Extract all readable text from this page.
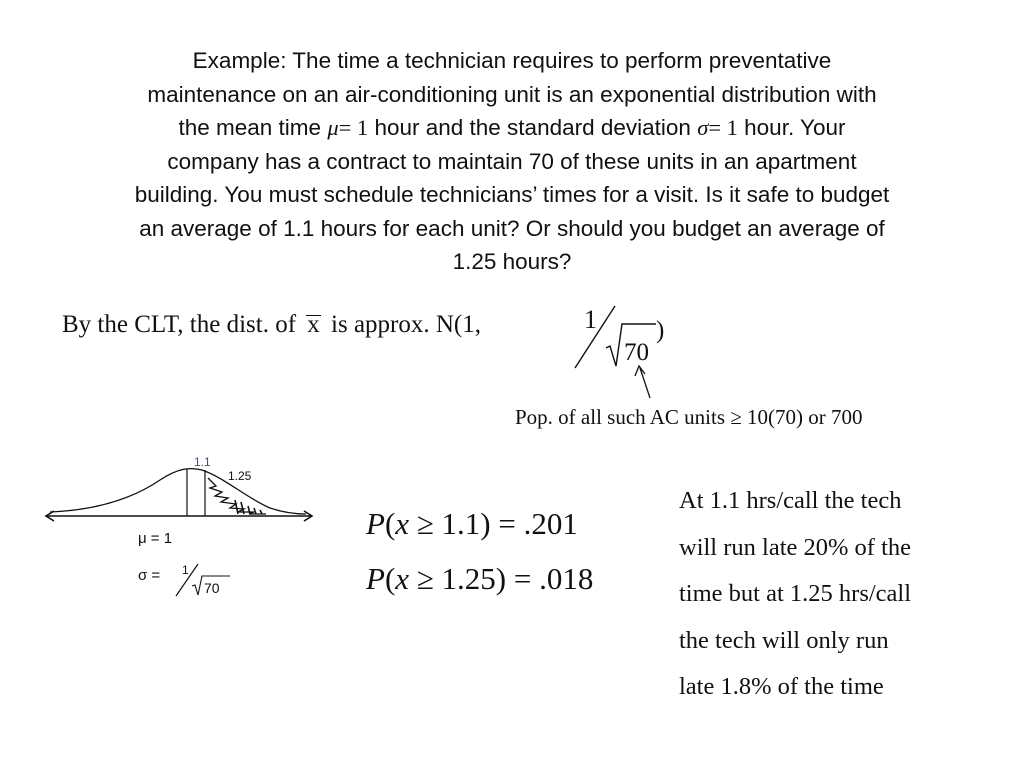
Example: The time a technician requires to perform preventative
maintenance on an air-conditioning unit is an exponential distribution with
the mean time μ= 1 hour and the standard deviation σ= 1 hour. Your
company has a contract to maintain 70 of these units in an apartment
building. You must schedule technicians’ times for a visit. Is it safe to budget
an average of 1.1 hours for each unit? Or should you budget an average of
1.25 hours?

By the CLT, the dist. of x is approx. N(1,	1
70
)
Pop. of all such AC units ≥ 10(70) or 700
1.1
1.25
μ = 1
σ = 1
70
P(x ≥ 1.1) = .201
P(x ≥ 1.25) = .018
At 1.1 hrs/call the tech
will run late 20% of the
time but at 1.25 hrs/call
the tech will only run
late 1.8% of the time
